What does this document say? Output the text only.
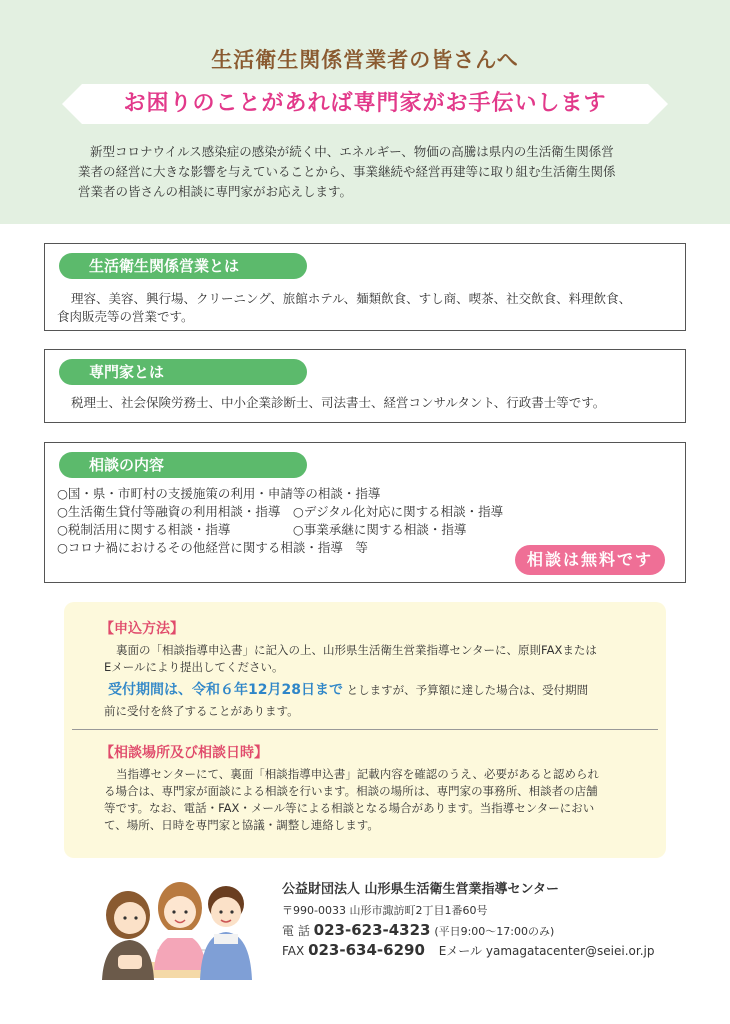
生活衛生関係営業者の皆さんへ
お困りのことがあれば専門家がお手伝いします
新型コロナウイルス感染症の感染が続く中、エネルギー、物価の高騰は県内の生活衛生関係営
業者の経営に大きな影響を与えていることから、事業継続や経営再建等に取り組む生活衛生関係
営業者の皆さんの相談に専門家がお応えします。
生活衛生関係営業とは
理容、美容、興行場、クリーニング、旅館ホテル、麺類飲食、すし商、喫茶、社交飲食、料理飲食、
食肉販売等の営業です。
専門家とは
税理士、社会保険労務士、中小企業診断士、司法書士、経営コンサルタント、行政書士等です。
相談の内容
○国・県・市町村の支援施策の利用・申請等の相談・指導
○生活衛生貸付等融資の利用相談・指導　○デジタル化対応に関する相談・指導
○税制活用に関する相談・指導　　　　　○事業承継に関する相談・指導
○コロナ禍におけるその他経営に関する相談・指導　等
相談は無料です
【申込方法】
裏面の「相談指導申込書」に記入の上、山形県生活衛生営業指導センターに、原則FAXまたは
Eメールにより提出してください。
受付期間は、令和６年12月28日まで としますが、予算額に達した場合は、受付期間
前に受付を終了することがあります。
【相談場所及び相談日時】
当指導センターにて、裏面「相談指導申込書」記載内容を確認のうえ、必要があると認められ
る場合は、専門家が面談による相談を行います。相談の場所は、専門家の事務所、相談者の店舗
等です。なお、電話・FAX・メール等による相談となる場合があります。当指導センターにおい
て、場所、日時を専門家と協議・調整し連絡します。
公益財団法人 山形県生活衛生営業指導センター
〒990-0033 山形市諏訪町2丁目1番60号
電 話 023-623-4323 (平日9:00～17:00のみ)
FAX 023-634-6290 Eメール yamagatacenter@seiei.or.jp
